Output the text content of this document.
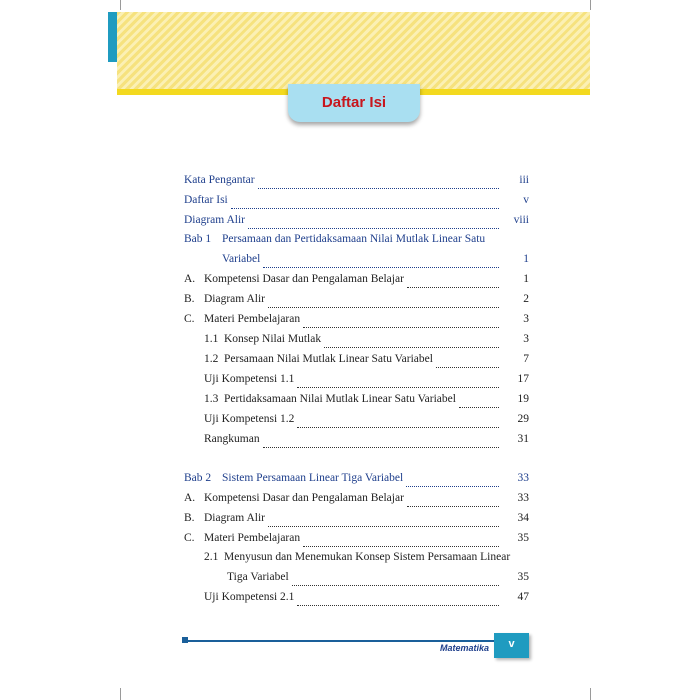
Daftar Isi
Kata Pengantar	iii
Daftar Isi	v
Diagram Alir	viii
Bab 1 Persamaan dan Pertidaksamaan Nilai Mutlak Linear Satu
Variabel	1
A. Kompetensi Dasar dan Pengalaman Belajar	1
B. Diagram Alir	2
C. Materi Pembelajaran	3
1.1 Konsep Nilai Mutlak	3
1.2 Persamaan Nilai Mutlak Linear Satu Variabel	7
Uji Kompetensi 1.1	17
1.3 Pertidaksamaan Nilai Mutlak Linear Satu Variabel	19
Uji Kompetensi 1.2	29
Rangkuman	31
Bab 2 Sistem Persamaan Linear Tiga Variabel	33
A. Kompetensi Dasar dan Pengalaman Belajar	33
B. Diagram Alir	34
C. Materi Pembelajaran	35
2.1 Menyusun dan Menemukan Konsep Sistem Persamaan Linear
Tiga Variabel	35
Uji Kompetensi 2.1	47
Matematika	v
